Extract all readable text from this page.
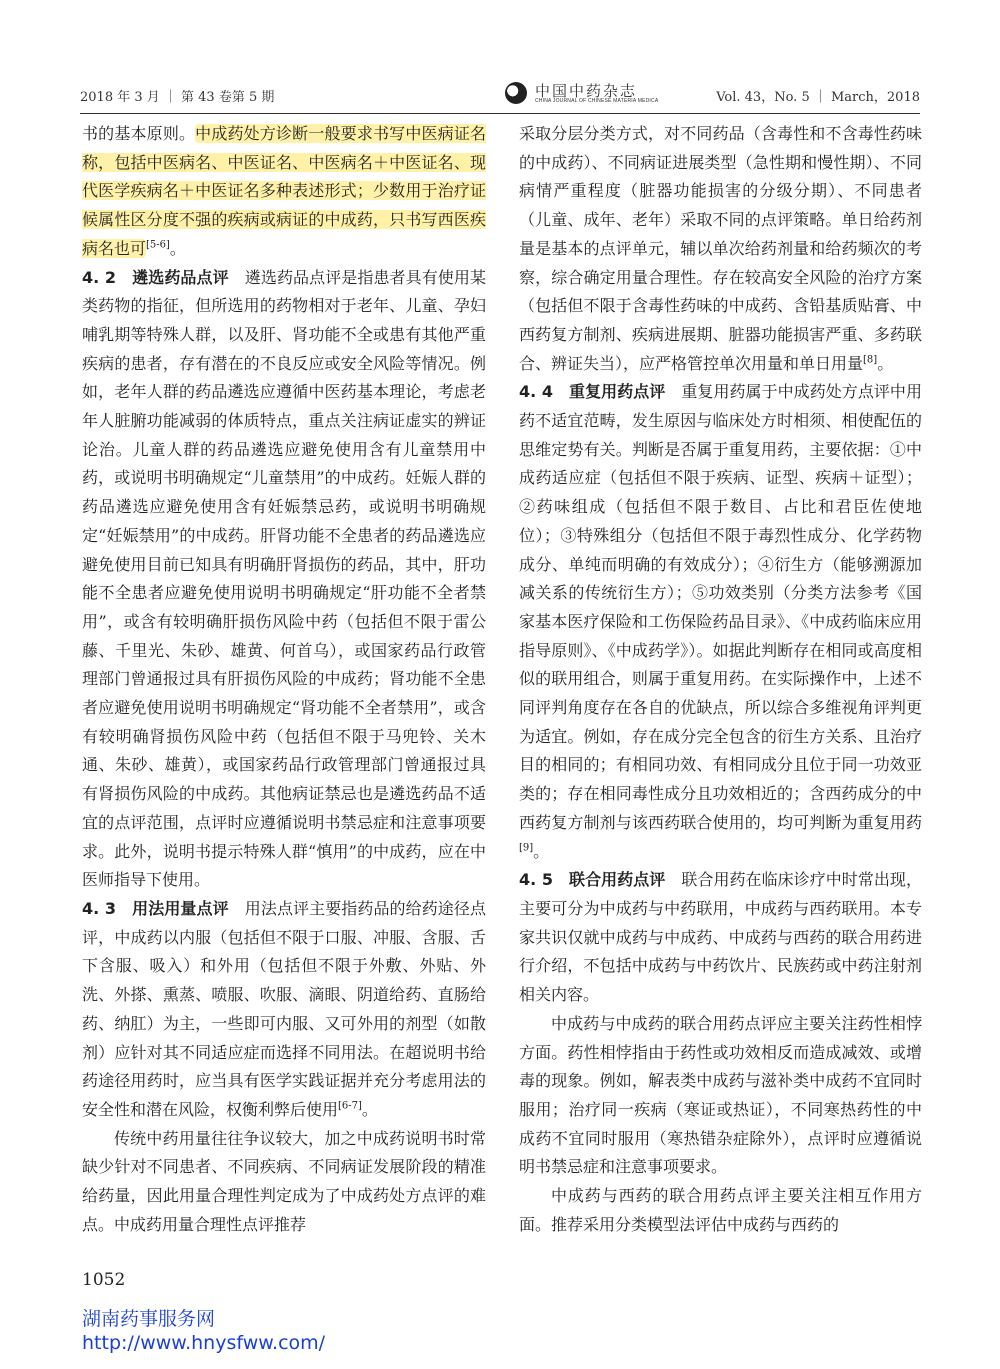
2018 年 3 月 ｜ 第 43 卷第 5 期	中国中药杂志
CHINA JOURNAL OF CHINESE MATERIA MEDICA	Vol. 43，No. 5 ｜ March，2018

书的基本原则。中成药处方诊断一般要求书写中医病证名称，包括中医病名、中医证名、中医病名＋中医证名、现代医学疾病名＋中医证名多种表述形式；少数用于治疗证候属性区分度不强的疾病或病证的中成药，只书写西医疾病名也可[5-6]。

4. 2　遴选药品点评　 遴选药品点评是指患者具有使用某类药物的指征，但所选用的药物相对于老年、儿童、孕妇哺乳期等特殊人群，以及肝、肾功能不全或患有其他严重疾病的患者，存有潜在的不良反应或安全风险等情况。例如，老年人群的药品遴选应遵循中医药基本理论，考虑老年人脏腑功能减弱的体质特点，重点关注病证虚实的辨证论治。儿童人群的药品遴选应避免使用含有儿童禁用中药，或说明书明确规定“儿童禁用”的中成药。妊娠人群的药品遴选应避免使用含有妊娠禁忌药，或说明书明确规定“妊娠禁用”的中成药。肝肾功能不全患者的药品遴选应避免使用目前已知具有明确肝肾损伤的药品，其中，肝功能不全患者应避免使用说明书明确规定“肝功能不全者禁用”，或含有较明确肝损伤风险中药（包括但不限于雷公藤、千里光、朱砂、雄黄、何首乌），或国家药品行政管理部门曾通报过具有肝损伤风险的中成药；肾功能不全患者应避免使用说明书明确规定“肾功能不全者禁用”，或含有较明确肾损伤风险中药（包括但不限于马兜铃、关木通、朱砂、雄黄），或国家药品行政管理部门曾通报过具有肾损伤风险的中成药。其他病证禁忌也是遴选药品不适宜的点评范围，点评时应遵循说明书禁忌症和注意事项要求。此外，说明书提示特殊人群“慎用”的中成药，应在中医师指导下使用。

4. 3　用法用量点评　 用法点评主要指药品的给药途径点评，中成药以内服（包括但不限于口服、冲服、含服、舌下含服、吸入）和外用（包括但不限于外敷、外贴、外洗、外搽、熏蒸、喷服、吹服、滴眼、阴道给药、直肠给药、纳肛）为主，一些即可内服、又可外用的剂型（如散剂）应针对其不同适应症而选择不同用法。在超说明书给药途径用药时，应当具有医学实践证据并充分考虑用法的安全性和潜在风险，权衡利弊后使用[6-7]。

传统中药用量往往争议较大，加之中成药说明书时常缺少针对不同患者、不同疾病、不同病证发展阶段的精准给药量，因此用量合理性判定成为了中成药处方点评的难点。中成药用量合理性点评推荐

采取分层分类方式，对不同药品（含毒性和不含毒性药味的中成药）、不同病证进展类型（急性期和慢性期）、不同病情严重程度（脏器功能损害的分级分期）、不同患者（儿童、成年、老年）采取不同的点评策略。单日给药剂量是基本的点评单元，辅以单次给药剂量和给药频次的考察，综合确定用量合理性。存在较高安全风险的治疗方案（包括但不限于含毒性药味的中成药、含铅基质贴膏、中西药复方制剂、疾病进展期、脏器功能损害严重、多药联合、辨证失当），应严格管控单次用量和单日用量[8]。

4. 4　重复用药点评　 重复用药属于中成药处方点评中用药不适宜范畴，发生原因与临床处方时相须、相使配伍的思维定势有关。判断是否属于重复用药，主要依据：①中成药适应症（包括但不限于疾病、证型、疾病＋证型）；②药味组成（包括但不限于数目、占比和君臣佐使地位）；③特殊组分（包括但不限于毒烈性成分、化学药物成分、单纯而明确的有效成分）；④衍生方（能够溯源加减关系的传统衍生方）；⑤功效类别（分类方法参考《国家基本医疗保险和工伤保险药品目录》、《中成药临床应用指导原则》、《中成药学》）。如据此判断存在相同或高度相似的联用组合，则属于重复用药。在实际操作中，上述不同评判角度存在各自的优缺点，所以综合多维视角评判更为适宜。例如，存在成分完全包含的衍生方关系、且治疗目的相同的；有相同功效、有相同成分且位于同一功效亚类的；存在相同毒性成分且功效相近的；含西药成分的中西药复方制剂与该西药联合使用的，均可判断为重复用药[9]。

4. 5　联合用药点评　 联合用药在临床诊疗中时常出现，主要可分为中成药与中药联用，中成药与西药联用。本专家共识仅就中成药与中成药、中成药与西药的联合用药进行介绍，不包括中成药与中药饮片、民族药或中药注射剂相关内容。

中成药与中成药的联合用药点评应主要关注药性相悖方面。药性相悖指由于药性或功效相反而造成减效、或增毒的现象。例如，解表类中成药与滋补类中成药不宜同时服用；治疗同一疾病（寒证或热证），不同寒热药性的中成药不宜同时服用（寒热错杂症除外），点评时应遵循说明书禁忌症和注意事项要求。

中成药与西药的联合用药点评主要关注相互作用方面。推荐采用分类模型法评估中成药与西药的

1052
湖南药事服务网
http://www.hnysfww.com/
